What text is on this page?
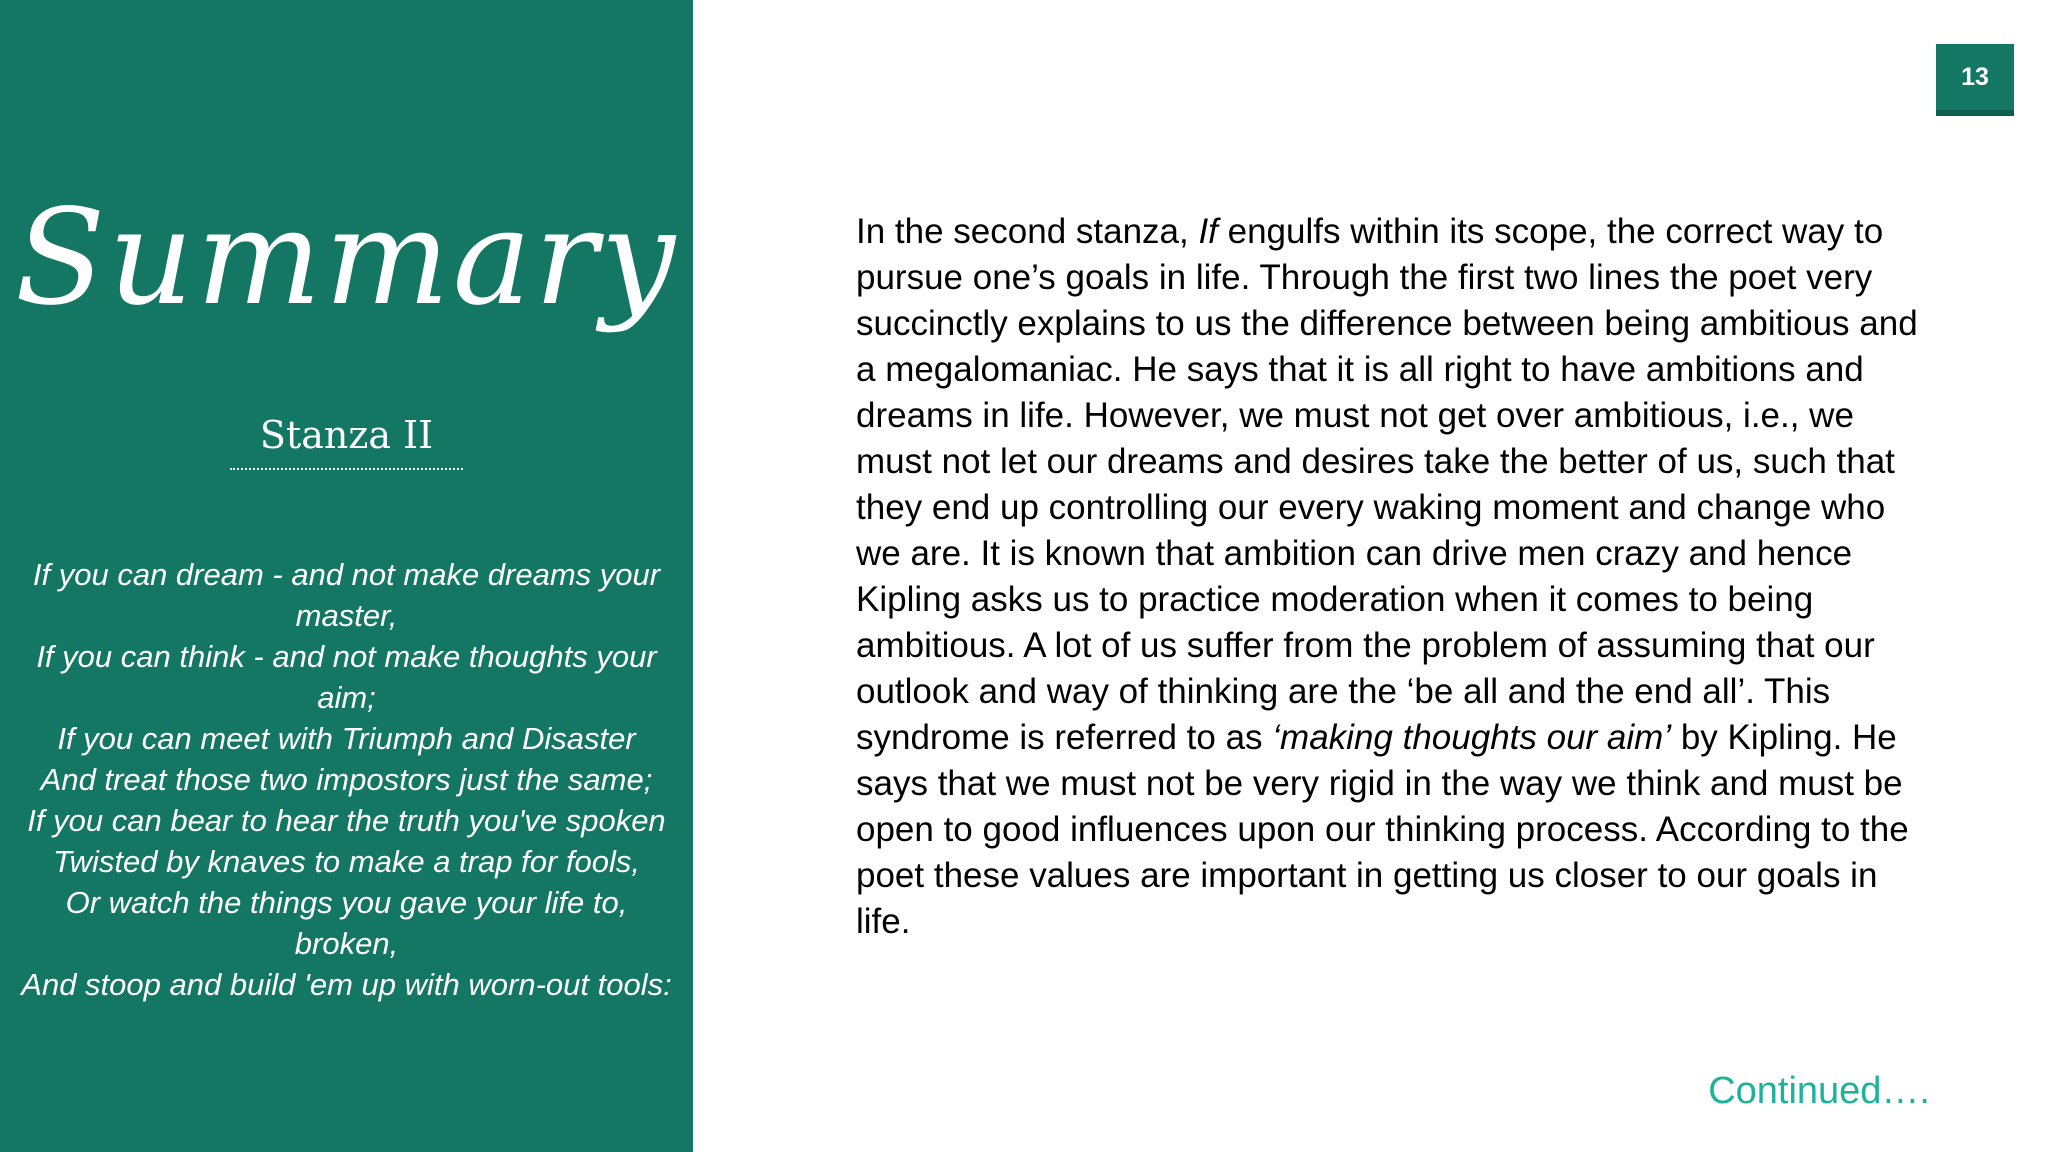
Summary
Stanza II
If you can dream - and not make dreams your master,
If you can think - and not make thoughts your aim;
If you can meet with Triumph and Disaster
And treat those two impostors just the same;
If you can bear to hear the truth you've spoken
Twisted by knaves to make a trap for fools,
Or watch the things you gave your life to, broken,
And stoop and build 'em up with worn-out tools:
13
In the second stanza, If engulfs within its scope, the correct way to pursue one’s goals in life. Through the first two lines the poet very succinctly explains to us the difference between being ambitious and a megalomaniac. He says that it is all right to have ambitions and dreams in life. However, we must not get over ambitious, i.e., we must not let our dreams and desires take the better of us, such that they end up controlling our every waking moment and change who we are. It is known that ambition can drive men crazy and hence Kipling asks us to practice moderation when it comes to being ambitious. A lot of us suffer from the problem of assuming that our outlook and way of thinking are the ‘be all and the end all’. This syndrome is referred to as ‘making thoughts our aim’ by Kipling. He says that we must not be very rigid in the way we think and must be open to good influences upon our thinking process. According to the poet these values are important in getting us closer to our goals in life.
Continued….
